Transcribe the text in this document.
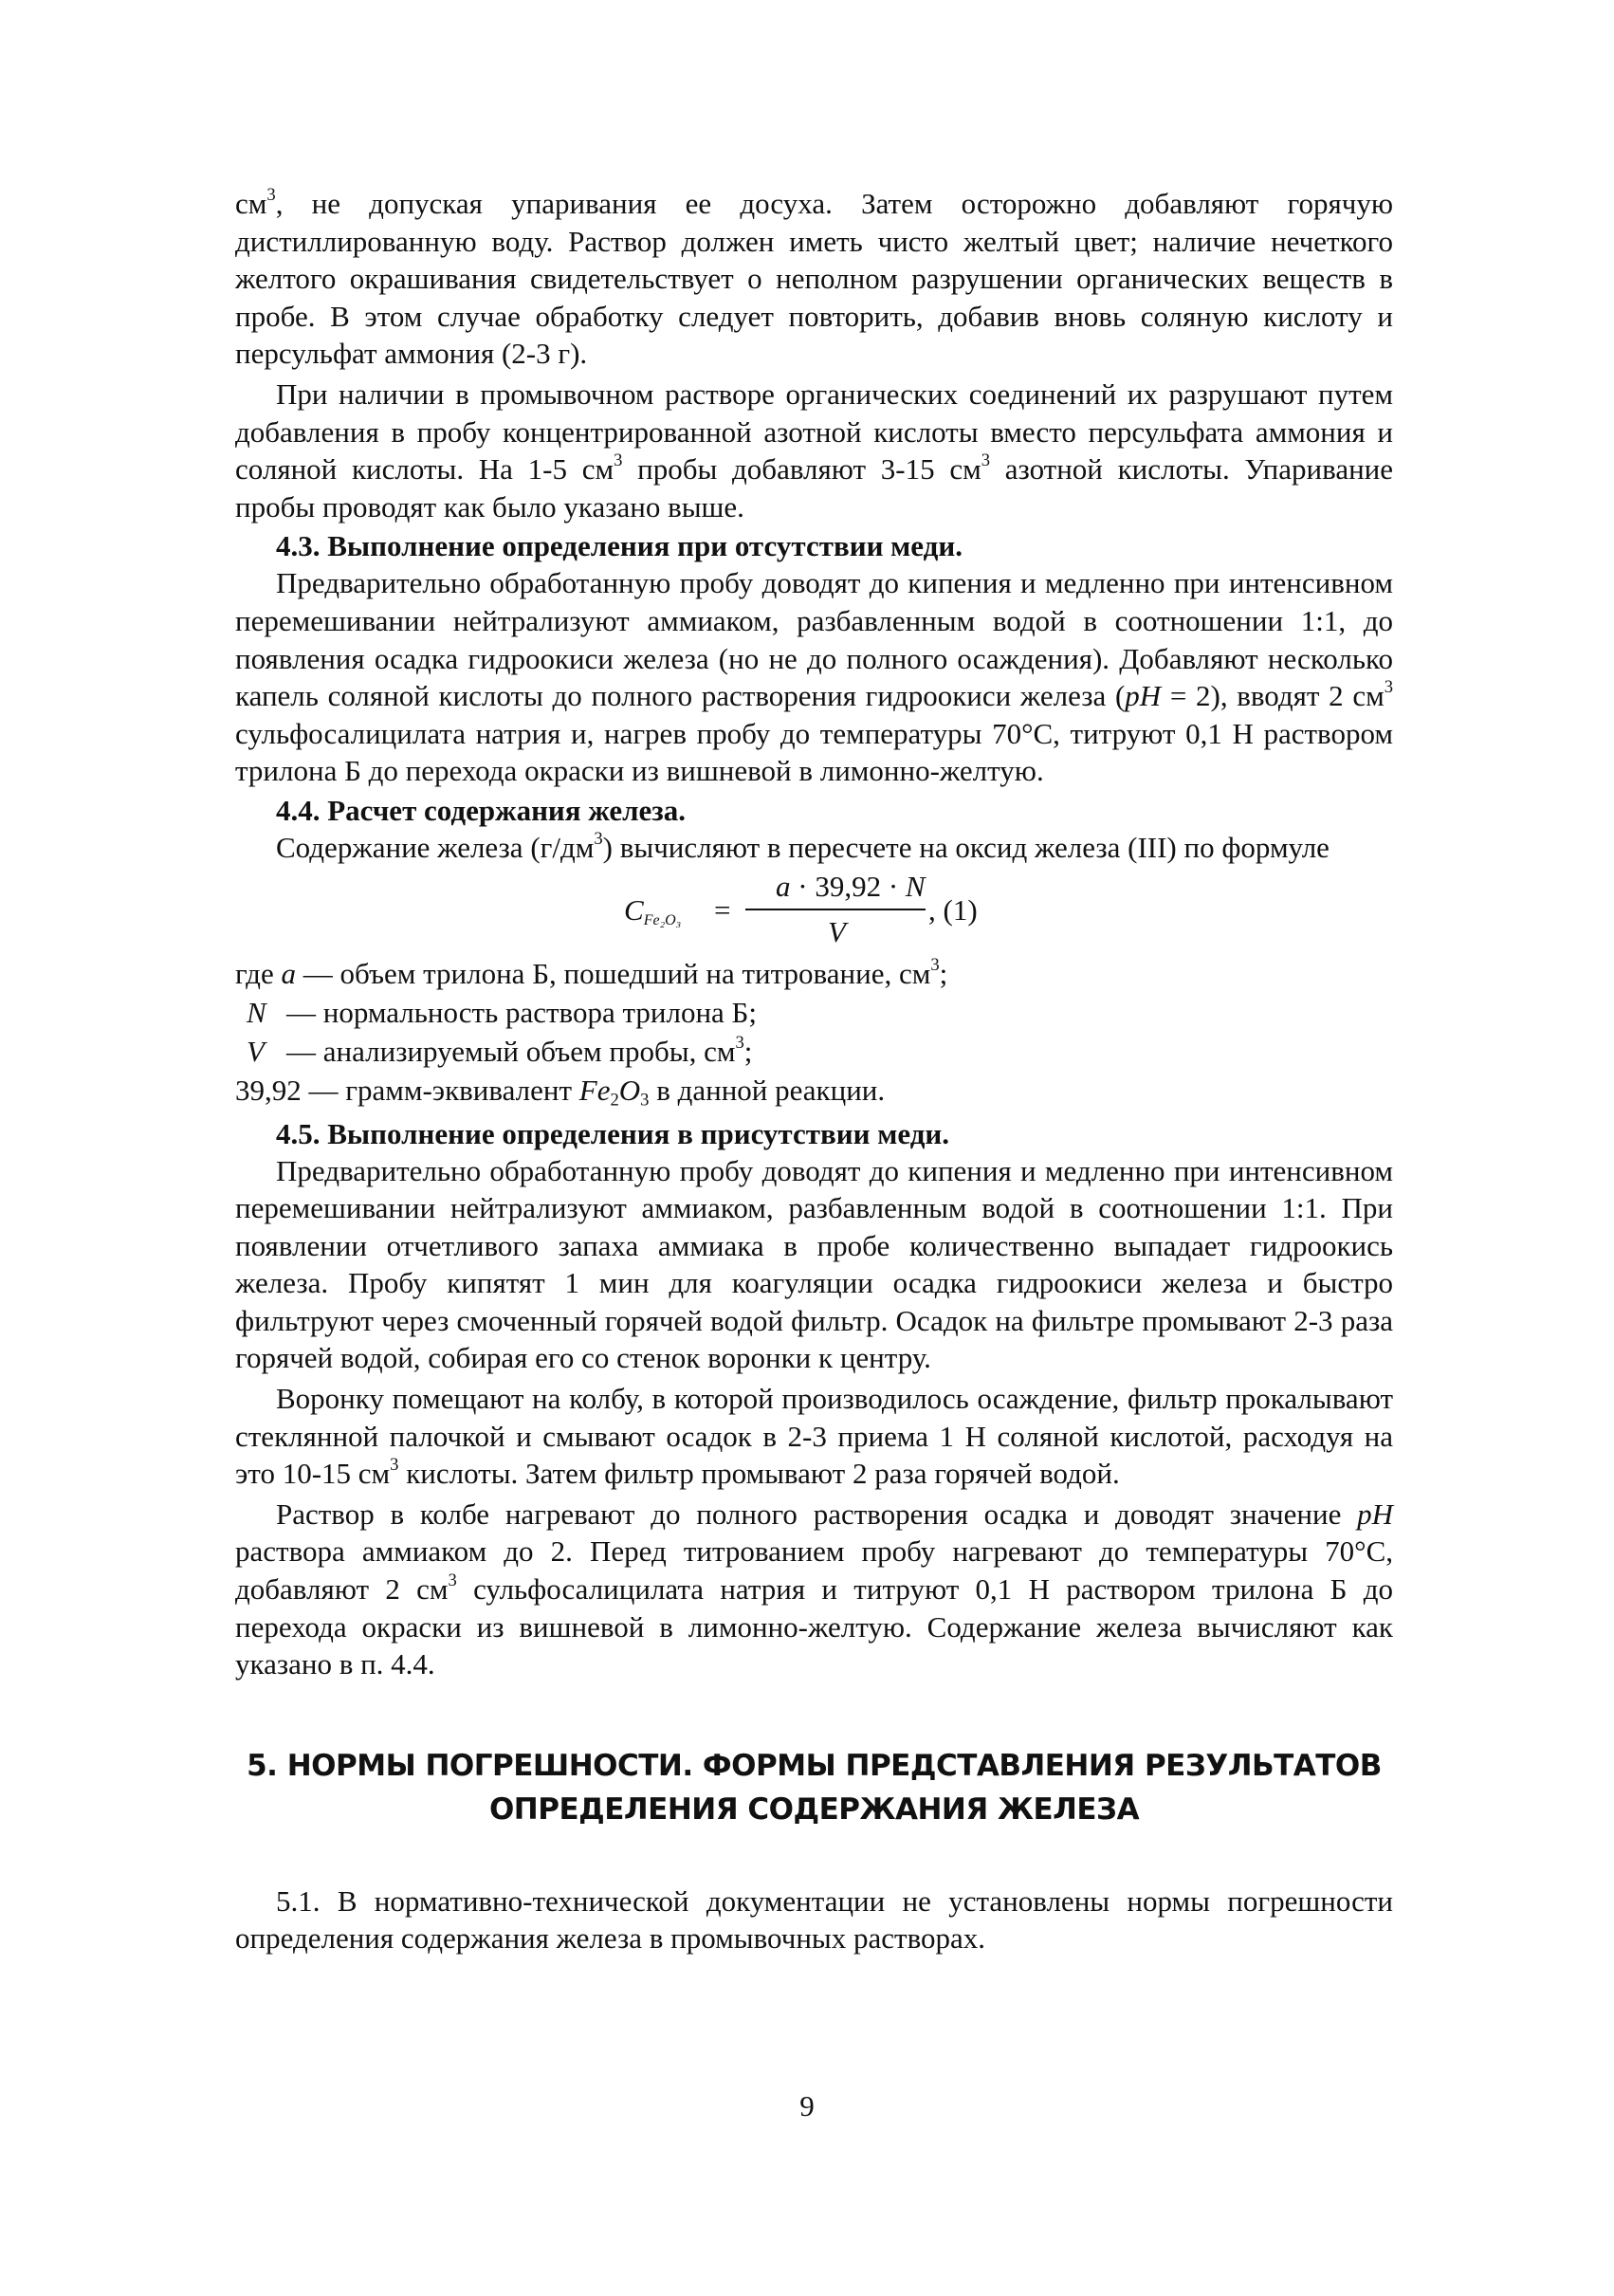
$см^3$, не допуская упаривания ее досуха. Затем осторожно добавляют горячую дистиллированную воду. Раствор должен иметь чисто желтый цвет; наличие нечеткого желтого окрашивания свидетельствует о неполном разрушении органических веществ в пробе. В этом случае обработку следует повторить, добавив вновь соляную кислоту и персульфат аммония (2-3 г).

При наличии в промывочном растворе органических соединений их разрушают путем добавления в пробу концентрированной азотной кислоты вместо персульфата аммония и соляной кислоты. На 1-5 $см^3$ пробы добавляют 3-15 $см^3$ азотной кислоты. Упаривание пробы проводят как было указано выше.

4.3. Выполнение определения при отсутствии меди.

Предварительно обработанную пробу доводят до кипения и медленно при интенсивном перемешивании нейтрализуют аммиаком, разбавленным водой в соотношении 1:1, до появления осадка гидроокиси железа (но не до полного осаждения). Добавляют несколько капель соляной кислоты до полного растворения гидроокиси железа (pH = 2), вводят 2 $см^3$ сульфосалицилата натрия и, нагрев пробу до температуры 70°С, титруют 0,1 Н раствором трилона Б до перехода окраски из вишневой в лимонно-желтую.

4.4. Расчет содержания железа.

Содержание железа $(г/дм^3)$ вычисляют в пересчете на оксид железа (III) по формуле

$C_{Fe_2O_3}$ =
a · 39,92 · N
V
, (1)

где a — объем трилона Б, пошедший на титрование, $см^3$;

N — нормальность раствора трилона Б;

V — анализируемый объем пробы, $см^3$;

39,92 — грамм-эквивалент $Fe_2O_3$ в данной реакции.

4.5. Выполнение определения в присутствии меди.

Предварительно обработанную пробу доводят до кипения и медленно при интенсивном перемешивании нейтрализуют аммиаком, разбавленным водой в соотношении 1:1. При появлении отчетливого запаха аммиака в пробе количественно выпадает гидроокись железа. Пробу кипятят 1 мин для коагуляции осадка гидроокиси железа и быстро фильтруют через смоченный горячей водой фильтр. Осадок на фильтре промывают 2-3 раза горячей водой, собирая его со стенок воронки к центру.

Воронку помещают на колбу, в которой производилось осаждение, фильтр прокалывают стеклянной палочкой и смывают осадок в 2-3 приема 1 Н соляной кислотой, расходуя на это 10-15 $см^3$ кислоты. Затем фильтр промывают 2 раза горячей водой.

Раствор в колбе нагревают до полного растворения осадка и доводят значение pH раствора аммиаком до 2. Перед титрованием пробу нагревают до температуры 70°С, добавляют 2 $см^3$ сульфосалицилата натрия и титруют 0,1 Н раствором трилона Б до перехода окраски из вишневой в лимонно-желтую. Содержание железа вычисляют как указано в п. 4.4.

5. НОРМЫ ПОГРЕШНОСТИ. ФОРМЫ ПРЕДСТАВЛЕНИЯ РЕЗУЛЬТАТОВ
ОПРЕДЕЛЕНИЯ СОДЕРЖАНИЯ ЖЕЛЕЗА

5.1. В нормативно-технической документации не установлены нормы погрешности определения содержания железа в промывочных растворах.

9
